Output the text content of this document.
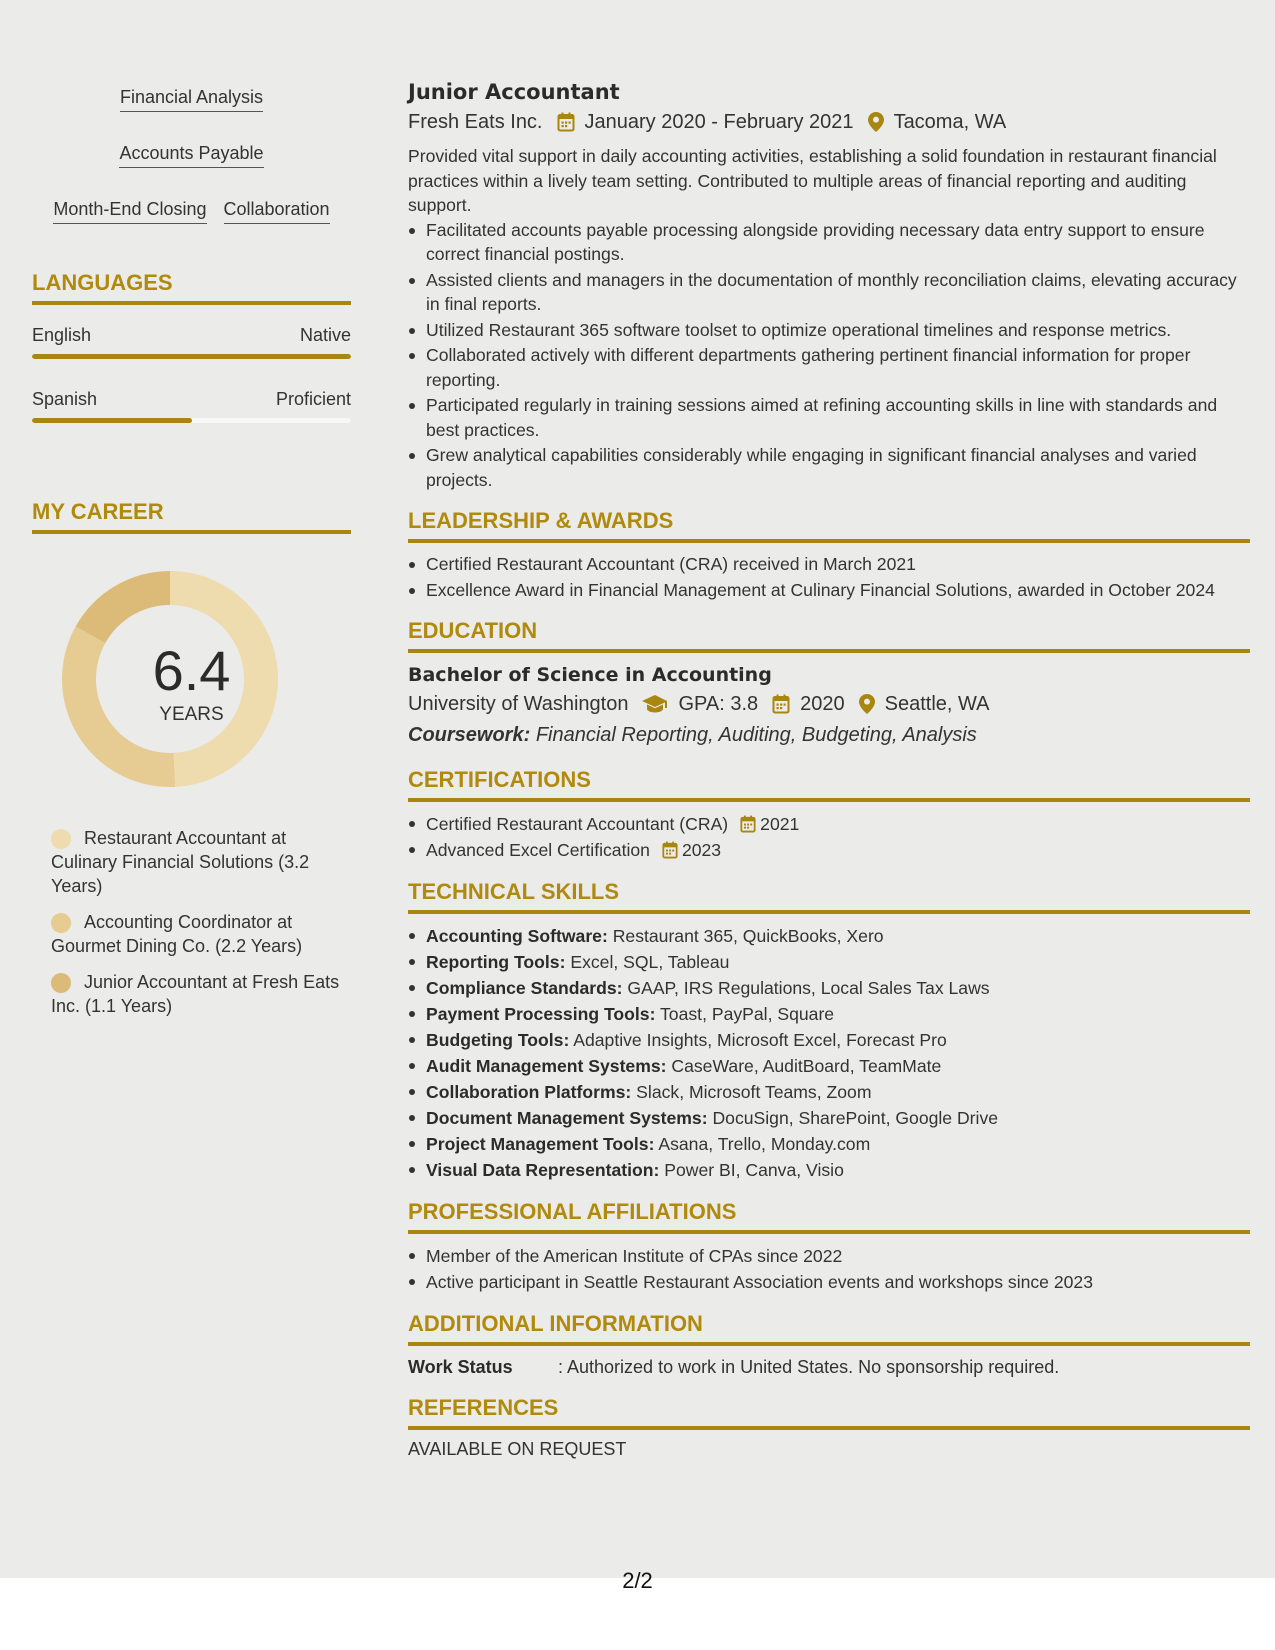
Financial Analysis
Accounts Payable
Month-End Closing Collaboration
LANGUAGES
English	Native
Spanish	Proficient
MY CAREER
6.4
YEARS
Restaurant Accountant at Culinary Financial Solutions (3.2 Years)
Accounting Coordinator at Gourmet Dining Co. (2.2 Years)
Junior Accountant at Fresh Eats Inc. (1.1 Years)
Junior Accountant
Fresh Eats Inc. January 2020 - February 2021 Tacoma, WA

Provided vital support in daily accounting activities, establishing a solid foundation in restaurant financial practices within a lively team setting. Contributed to multiple areas of financial reporting and auditing support.

Facilitated accounts payable processing alongside providing necessary data entry support to ensure correct financial postings.
Assisted clients and managers in the documentation of monthly reconciliation claims, elevating accuracy in final reports.
Utilized Restaurant 365 software toolset to optimize operational timelines and response metrics.
Collaborated actively with different departments gathering pertinent financial information for proper reporting.
Participated regularly in training sessions aimed at refining accounting skills in line with standards and best practices.
Grew analytical capabilities considerably while engaging in significant financial analyses and varied projects.
LEADERSHIP & AWARDS
Certified Restaurant Accountant (CRA) received in March 2021
Excellence Award in Financial Management at Culinary Financial Solutions, awarded in October 2024
EDUCATION
Bachelor of Science in Accounting
University of Washington	GPA: 3.8 2020 Seattle, WA
Coursework: Financial Reporting, Auditing, Budgeting, Analysis
CERTIFICATIONS
Certified Restaurant Accountant (CRA) 2021
Advanced Excel Certification 2023
TECHNICAL SKILLS
Accounting Software: Restaurant 365, QuickBooks, Xero
Reporting Tools: Excel, SQL, Tableau
Compliance Standards: GAAP, IRS Regulations, Local Sales Tax Laws
Payment Processing Tools: Toast, PayPal, Square
Budgeting Tools: Adaptive Insights, Microsoft Excel, Forecast Pro
Audit Management Systems: CaseWare, AuditBoard, TeamMate
Collaboration Platforms: Slack, Microsoft Teams, Zoom
Document Management Systems: DocuSign, SharePoint, Google Drive
Project Management Tools: Asana, Trello, Monday.com
Visual Data Representation: Power BI, Canva, Visio
PROFESSIONAL AFFILIATIONS
Member of the American Institute of CPAs since 2022
Active participant in Seattle Restaurant Association events and workshops since 2023
ADDITIONAL INFORMATION
Work Status	: Authorized to work in United States. No sponsorship required.
REFERENCES
AVAILABLE ON REQUEST
2/2
